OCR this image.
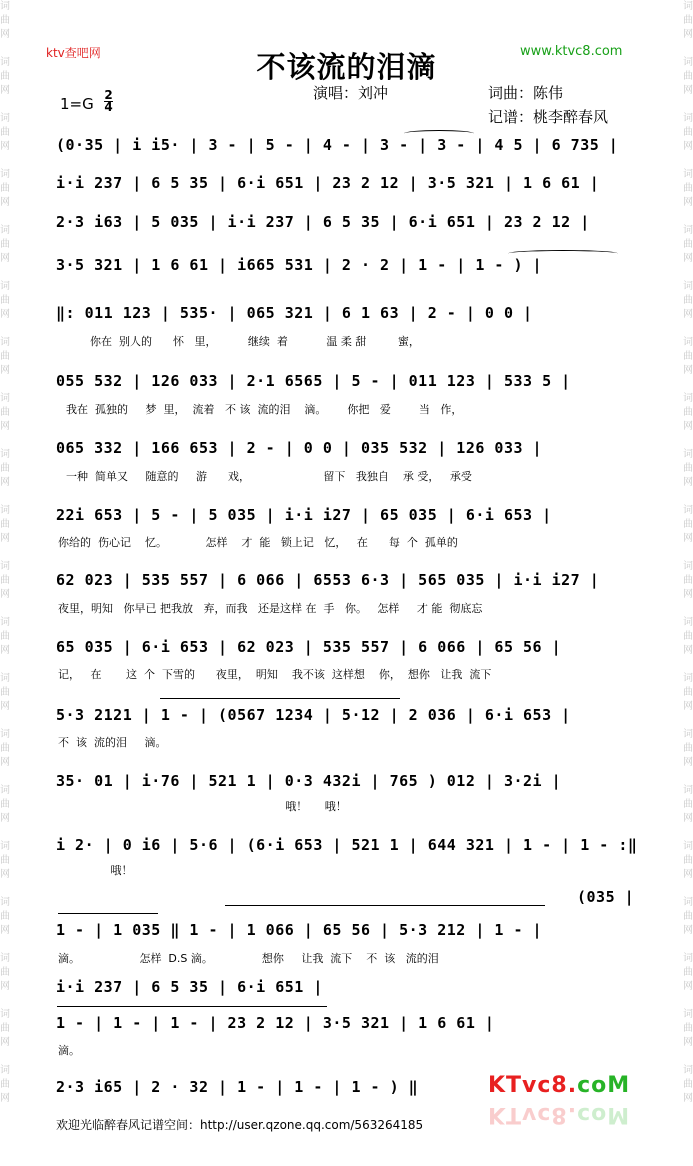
词
曲
网

词
曲
网

词
曲
网

词
曲
网

词
曲
网

词
曲
网

词
曲
网

词
曲
网

词
曲
网

词
曲
网

词
曲
网

词
曲
网

词
曲
网

词
曲
网

词
曲
网

词
曲
网

词
曲
网

词
曲
网

词
曲
网

词
曲
网
词
曲
网

词
曲
网

词
曲
网

词
曲
网

词
曲
网

词
曲
网

词
曲
网

词
曲
网

词
曲
网

词
曲
网

词
曲
网

词
曲
网

词
曲
网

词
曲
网

词
曲
网

词
曲
网

词
曲
网

词
曲
网

词
曲
网

词
曲
网
ktv查吧网	www.ktvc8.com
不该流的泪滴
演唱：刘冲	词曲：陈伟
记谱：桃李醉春风
1=G 2
4
(0·35 | i i5· | 3 - | 5 - | 4 - | 3 - | 3 - | 4 5 | 6 735 |
i·i 237 | 6 5 35 | 6·i 651 | 23 2 12 | 3·5 321 | 1 6 61 |
2·3 i63 | 5 035 | i·i 237 | 6 5 35 | 6·i 651 | 23 2 12 |
3·5 321 | 1 6 61 | i665 531 | 2 · 2 | 1 - | 1 - ) |
‖: 011 123 | 535· | 065 321 | 6 1 63 | 2 - | 0 0 |
055 532 | 126 033 | 2·1 6565 | 5 - | 011 123 | 533 5 |
065 332 | 166 653 | 2 - | 0 0 | 035 532 | 126 033 |
22i 653 | 5 - | 5 035 | i·i i27 | 65 035 | 6·i 653 |
62 023 | 535 557 | 6 066 | 6553 6·3 | 565 035 | i·i i27 |
65 035 | 6·i 653 | 62 023 | 535 557 | 6 066 | 65 56 |
5·3 2121 | 1 - | (0567 1234 | 5·12 | 2 036 | 6·i 653 |
35· 01 | i·76 | 521 1 | 0·3 432i | 765 ) 012 | 3·2i |
i 2· | 0 i6 | 5·6 | (6·i 653 | 521 1 | 644 321 | 1 - | 1 - :‖
(035 |
1 - | 1 035 ‖ 1 - | 1 066 | 65 56 | 5·3 212 | 1 - |
i·i 237 | 6 5 35 | 6·i 651 |
1 - | 1 - | 1 - | 23 2 12 | 3·5 321 | 1 6 61 |
2·3 i65 | 2 · 32 | 1 - | 1 - | 1 - ) ‖
你在  别人的      怀   里，         继续  着           温 柔 甜         蜜，
我在  孤独的     梦  里，  流着   不 该  流的泪    滴。      你把   爱        当   作，
一种  简单又     随意的     游      戏，                     留下   我独自    承 受，   承受
你给的  伤心记    忆。           怎样    才  能   锁上记   忆，   在      每  个  孤单的
夜里，明知   你早已 把我放   弃，而我   还是这样 在  手   你。   怎样     才 能  彻底忘
记，   在       这  个  下雪的      夜里，  明知    我不该  这样想    你，  想你   让我  流下
不  该  流的泪     滴。
哦！     哦！
哦！
滴。                 怎样  D.S 滴。              想你     让我  流下    不  该   流的泪
滴。
欢迎光临醉春风记谱空间：http://user.qzone.qq.com/563264185
KTvc8.coM
KTvc8.coM
